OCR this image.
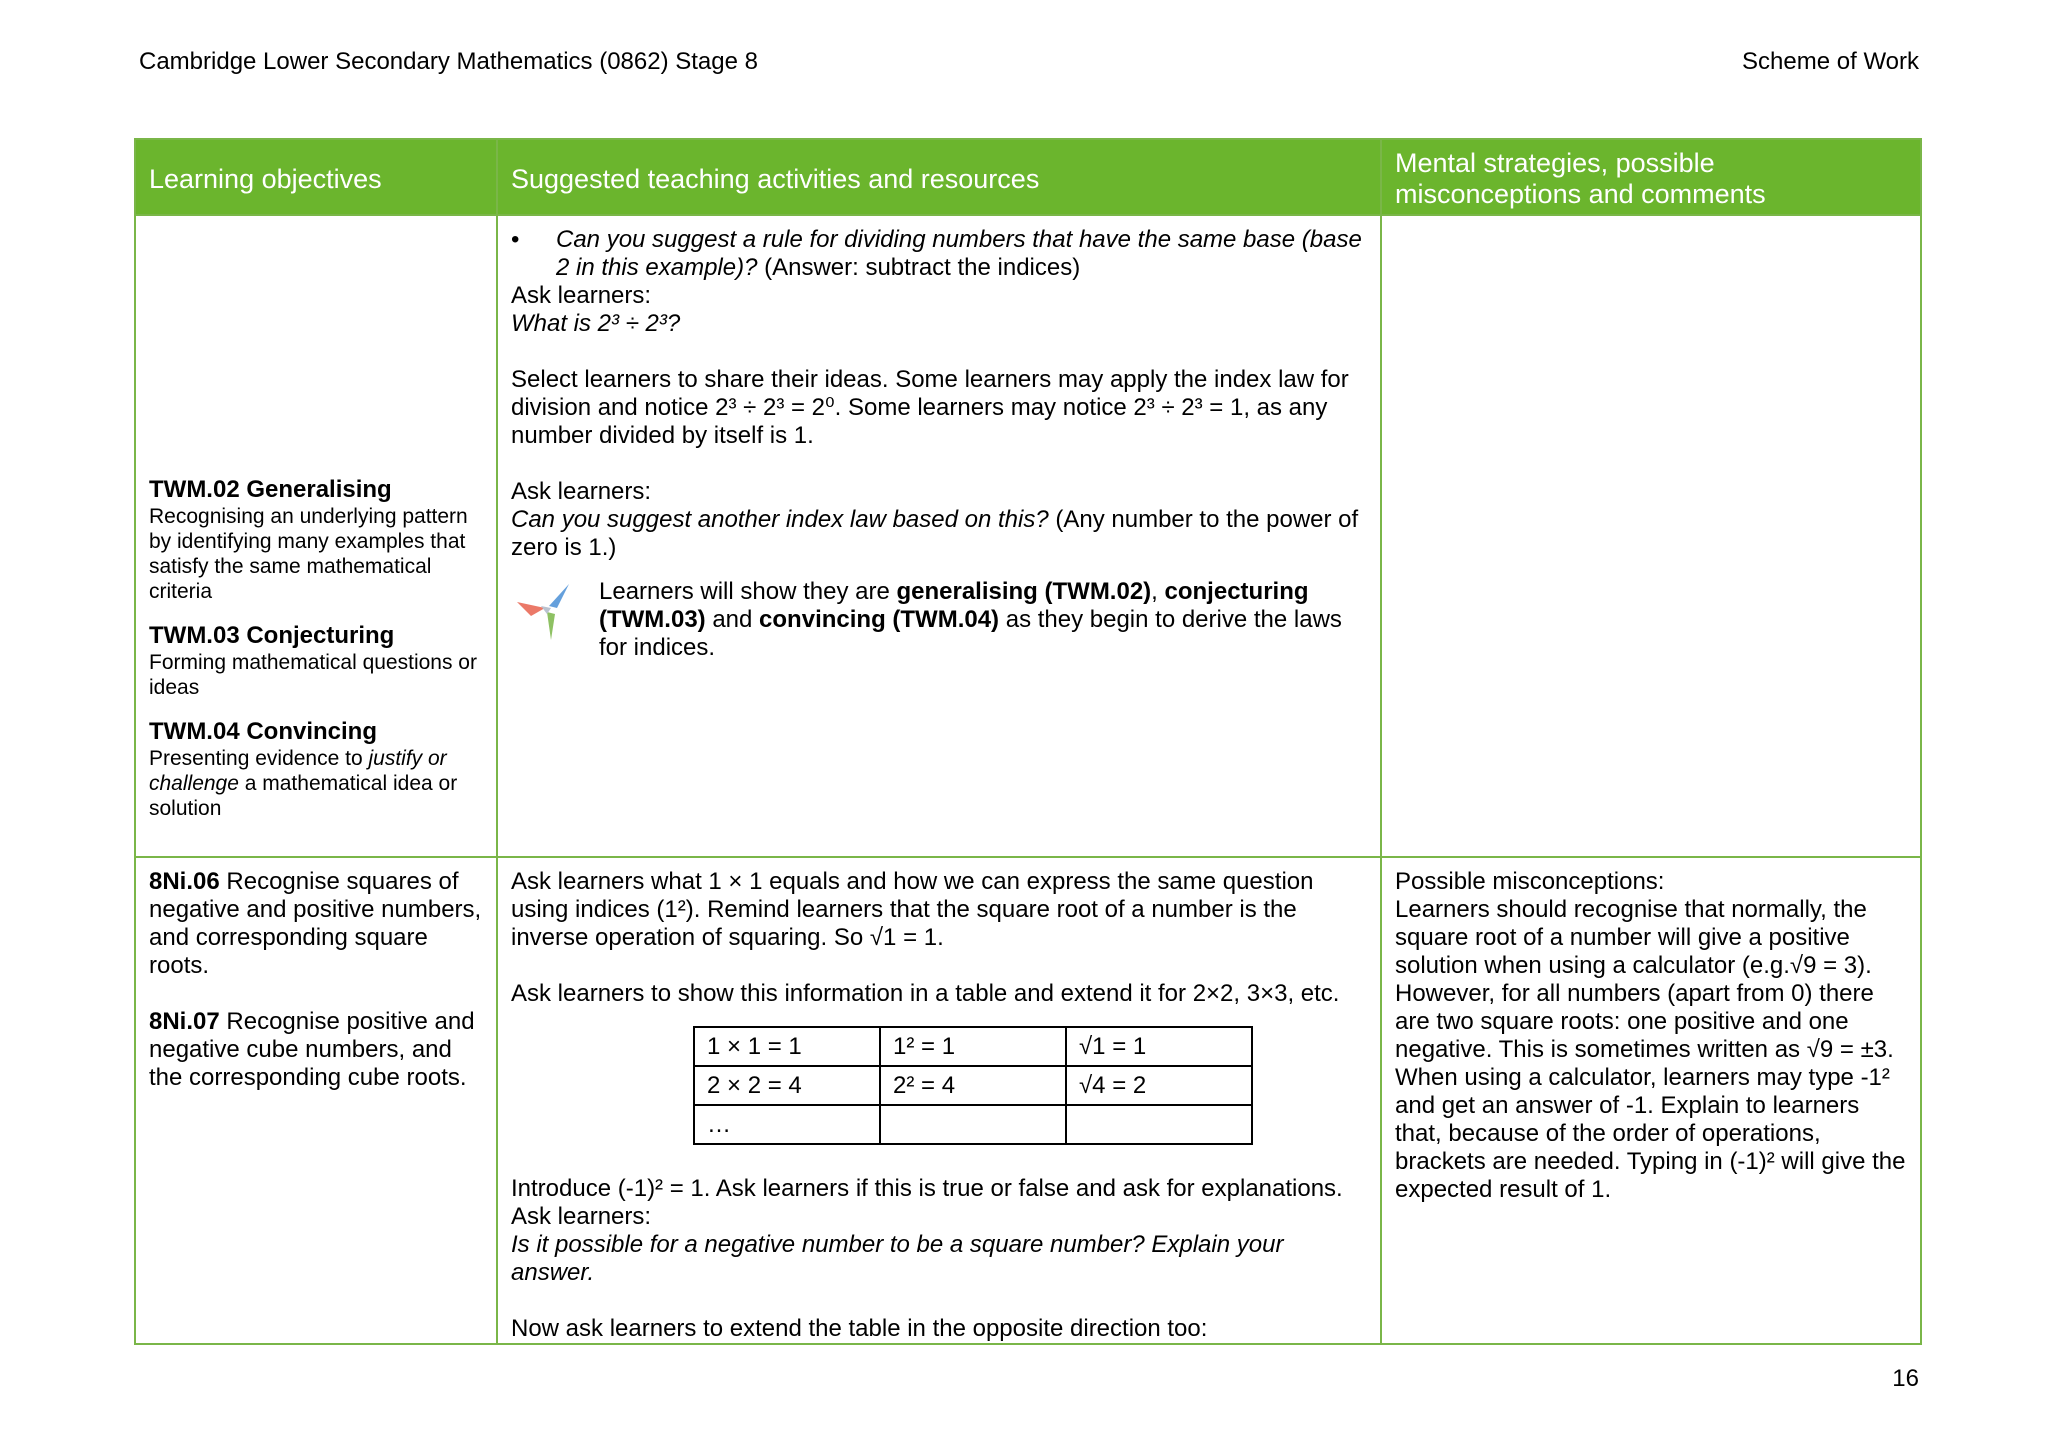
Cambridge Lower Secondary Mathematics (0862) Stage 8	Scheme of Work
Learning objectives	Suggested teaching activities and resources	Mental strategies, possible misconceptions and comments

TWM.02 Generalising
Recognising an underlying pattern by identifying many examples that satisfy the same mathematical criteria
TWM.03 Conjecturing
Forming mathematical questions or ideas
TWM.04 Convincing
Presenting evidence to justify or challenge a mathematical idea or solution

•	Can you suggest a rule for dividing numbers that have the same base (base 2 in this example)? (Answer: subtract the indices)
Ask learners:
What is 2³ ÷ 2³?
Select learners to share their ideas. Some learners may apply the index law for division and notice 2³ ÷ 2³ = 2⁰. Some learners may notice 2³ ÷ 2³ = 1, as any number divided by itself is 1.
Ask learners:
Can you suggest another index law based on this? (Any number to the power of zero is 1.)
Learners will show they are generalising (TWM.02), conjecturing (TWM.03) and convincing (TWM.04) as they begin to derive the laws for indices.

8Ni.06 Recognise squares of negative and positive numbers, and corresponding square roots.
8Ni.07 Recognise positive and negative cube numbers, and the corresponding cube roots.

Ask learners what 1 × 1 equals and how we can express the same question using indices (1²). Remind learners that the square root of a number is the inverse operation of squaring. So √1 = 1.
Ask learners to show this information in a table and extend it for 2×2, 3×3, etc.
1 × 1 = 1	1² = 1	√1 = 1
2 × 2 = 4	2² = 4	√4 = 2
…		
Introduce (-1)² = 1. Ask learners if this is true or false and ask for explanations.
Ask learners:
Is it possible for a negative number to be a square number? Explain your answer.
Now ask learners to extend the table in the opposite direction too:

Possible misconceptions:
Learners should recognise that normally, the square root of a number will give a positive solution when using a calculator (e.g.√9 = 3). However, for all numbers (apart from 0) there are two square roots: one positive and one negative. This is sometimes written as √9 = ±3.
When using a calculator, learners may type -1² and get an answer of -1. Explain to learners that, because of the order of operations, brackets are needed. Typing in (-1)² will give the expected result of 1.
16
